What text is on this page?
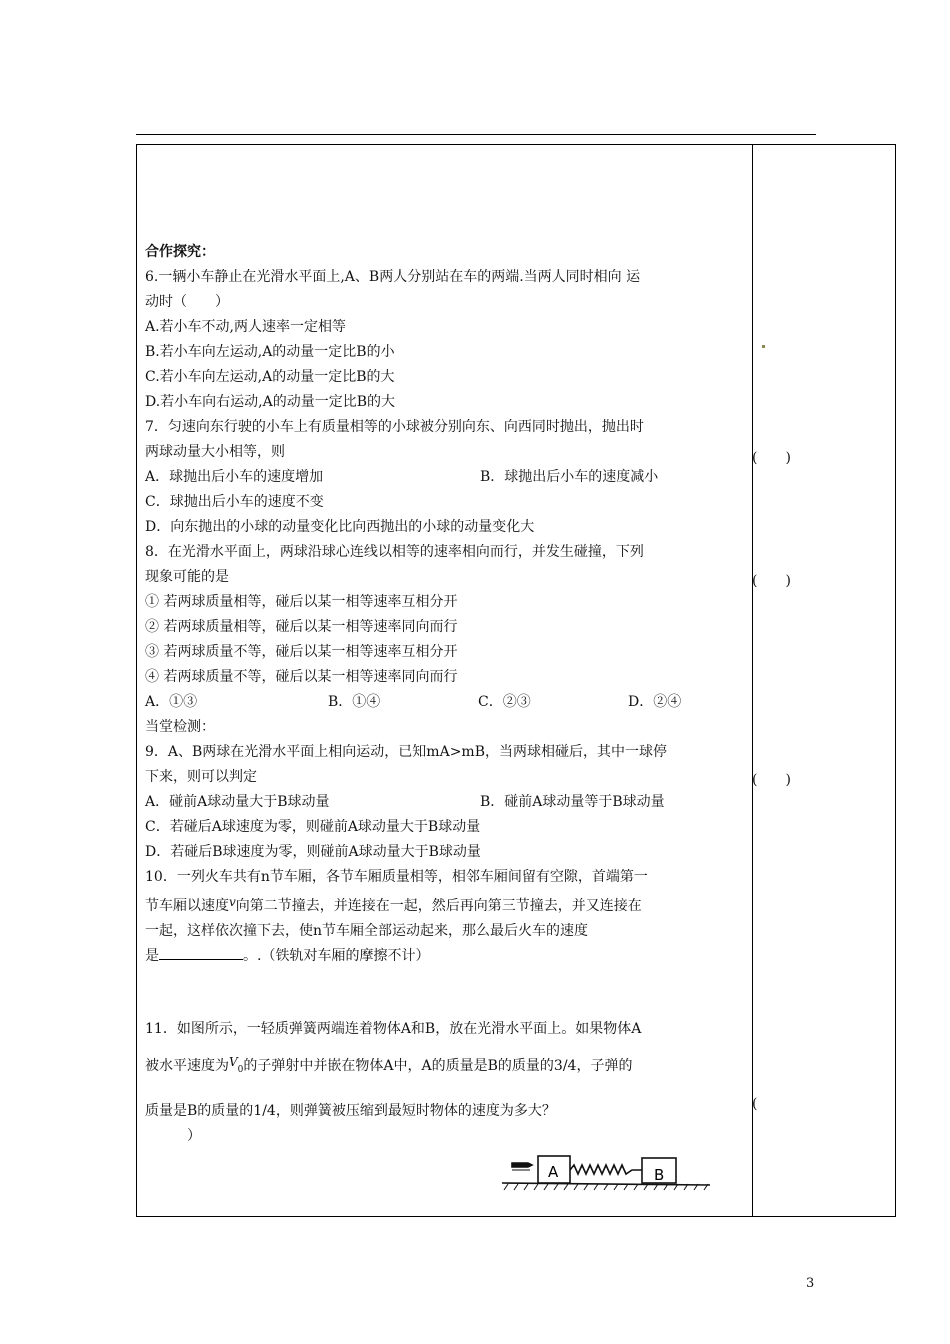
合作探究：

6.一辆小车静止在光滑水平面上,A、B两人分别站在车的两端.当两人同时相向 运

动时（　　）

A.若小车不动,两人速率一定相等

B.若小车向左运动,A的动量一定比B的小

C.若小车向左运动,A的动量一定比B的大

D.若小车向右运动,A的动量一定比B的大

7．匀速向东行驶的小车上有质量相等的小球被分别向东、向西同时抛出，抛出时

两球动量大小相等，则

A．球抛出后小车的速度增加	B．球抛出后小车的速度减小

C．球抛出后小车的速度不变

D．向东抛出的小球的动量变化比向西抛出的小球的动量变化大

8．在光滑水平面上，两球沿球心连线以相等的速率相向而行，并发生碰撞，下列

现象可能的是

① 若两球质量相等，碰后以某一相等速率互相分开

② 若两球质量相等，碰后以某一相等速率同向而行

③ 若两球质量不等，碰后以某一相等速率互相分开

④ 若两球质量不等，碰后以某一相等速率同向而行

A．①③	B．①④	C．②③	D．②④

当堂检测：

9．A、B两球在光滑水平面上相向运动，已知mA>mB，当两球相碰后，其中一球停

下来，则可以判定

A．碰前A球动量大于B球动量	B．碰前A球动量等于B球动量

C．若碰后A球速度为零，则碰前A球动量大于B球动量

D．若碰后B球速度为零，则碰前A球动量大于B球动量

10．一列火车共有n节车厢，各节车厢质量相等，相邻车厢间留有空隙，首端第一

节车厢以速度v向第二节撞去，并连接在一起，然后再向第三节撞去，并又连接在

一起，这样依次撞下去，使n节车厢全部运动起来，那么最后火车的速度

是	。.（铁轨对车厢的摩擦不计）

11．如图所示，一轻质弹簧两端连着物体A和B，放在光滑水平面上。如果物体A

被水平速度为$V_0$的子弹射中并嵌在物体A中，A的质量是B的质量的3/4，子弹的

质量是B的质量的1/4，则弹簧被压缩到最短时物体的速度为多大？

　　　）

(　　)
(　　)
(　　)
(
A	B
3
